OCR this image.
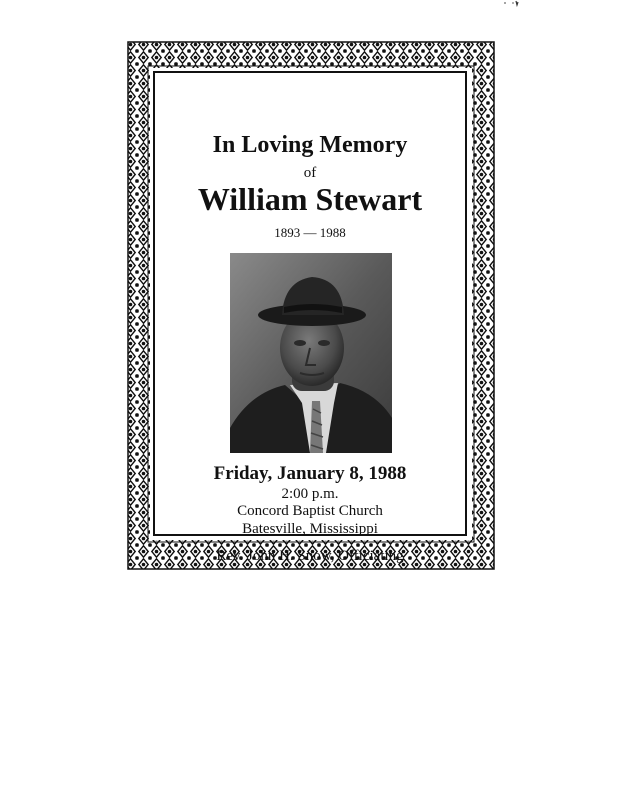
In Loving Memory
of
William Stewart
1893 — 1988
Friday, January 8, 1988
2:00 p.m.
Concord Baptist Church
Batesville, Mississippi
Rev. John H. Snow, Officiating
